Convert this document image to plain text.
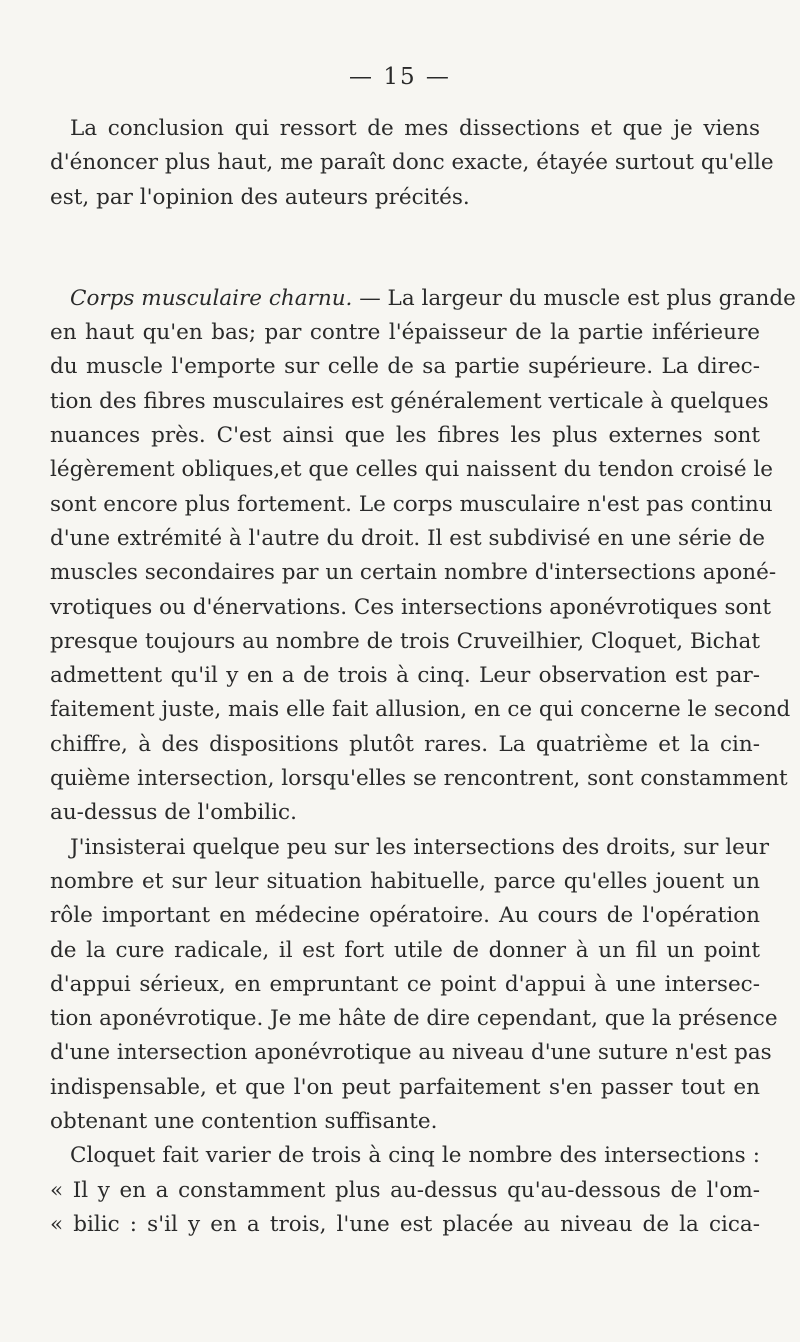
— 15 —
La conclusion qui ressort de mes dissections et que je viens
d'énoncer plus haut, me paraît donc exacte, étayée surtout qu'elle
est, par l'opinion des auteurs précités.
Corps musculaire charnu. — La largeur du muscle est plus grande
en haut qu'en bas; par contre l'épaisseur de la partie inférieure
du muscle l'emporte sur celle de sa partie supérieure. La direc-
tion des fibres musculaires est généralement verticale à quelques
nuances près. C'est ainsi que les fibres les plus externes sont
légèrement obliques,et que celles qui naissent du tendon croisé le
sont encore plus fortement. Le corps musculaire n'est pas continu
d'une extrémité à l'autre du droit. Il est subdivisé en une série de
muscles secondaires par un certain nombre d'intersections aponé-
vrotiques ou d'énervations. Ces intersections aponévrotiques sont
presque toujours au nombre de trois Cruveilhier, Cloquet, Bichat
admettent qu'il y en a de trois à cinq. Leur observation est par-
faitement juste, mais elle fait allusion, en ce qui concerne le second
chiffre, à des dispositions plutôt rares. La quatrième et la cin-
quième intersection, lorsqu'elles se rencontrent, sont constamment
au-dessus de l'ombilic.
J'insisterai quelque peu sur les intersections des droits, sur leur
nombre et sur leur situation habituelle, parce qu'elles jouent un
rôle important en médecine opératoire. Au cours de l'opération
de la cure radicale, il est fort utile de donner à un fil un point
d'appui sérieux, en empruntant ce point d'appui à une intersec-
tion aponévrotique. Je me hâte de dire cependant, que la présence
d'une intersection aponévrotique au niveau d'une suture n'est pas
indispensable, et que l'on peut parfaitement s'en passer tout en
obtenant une contention suffisante.
Cloquet fait varier de trois à cinq le nombre des intersections :
« Il y en a constamment plus au-dessus qu'au-dessous de l'om-
« bilic : s'il y en a trois, l'une est placée au niveau de la cica-
